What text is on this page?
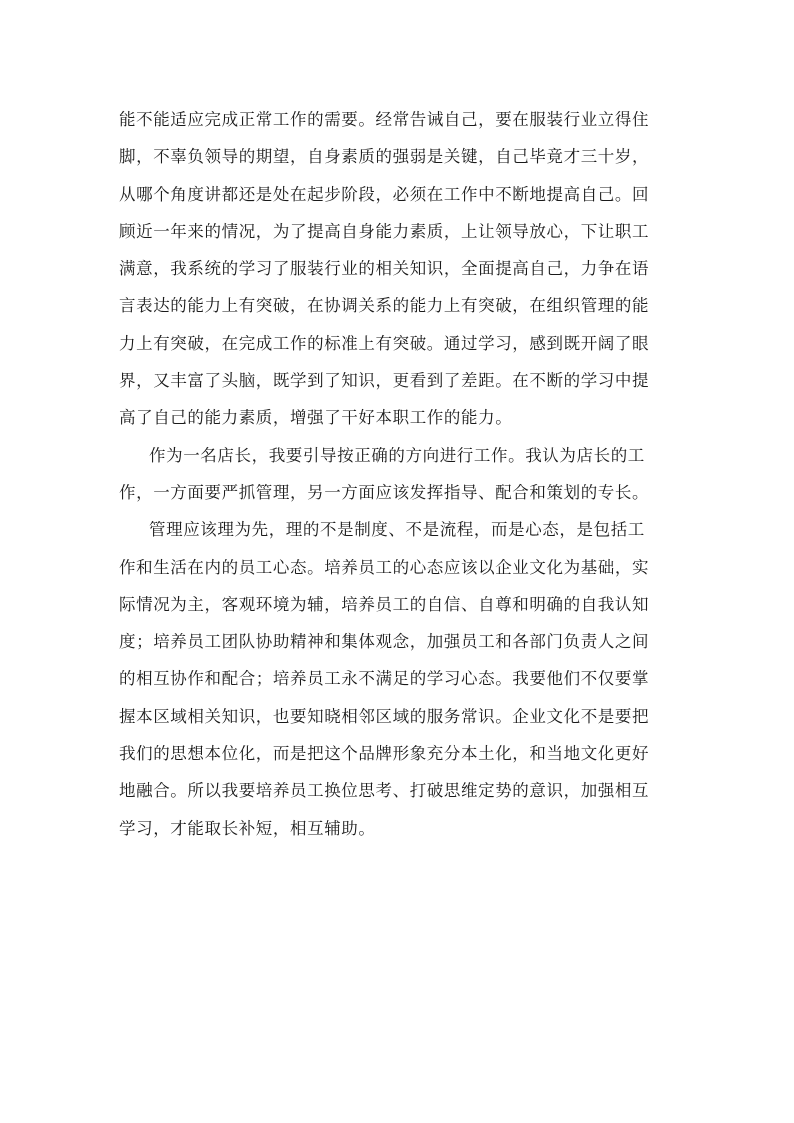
能不能适应完成正常工作的需要。经常告诫自己，要在服装行业立得住
脚，不辜负领导的期望，自身素质的强弱是关键，自己毕竟才三十岁，
从哪个角度讲都还是处在起步阶段，必须在工作中不断地提高自己。回
顾近一年来的情况，为了提高自身能力素质，上让领导放心，下让职工
满意，我系统的学习了服装行业的相关知识，全面提高自己，力争在语
言表达的能力上有突破，在协调关系的能力上有突破，在组织管理的能
力上有突破，在完成工作的标准上有突破。通过学习，感到既开阔了眼
界，又丰富了头脑，既学到了知识，更看到了差距。在不断的学习中提
高了自己的能力素质，增强了干好本职工作的能力。
作为一名店长，我要引导按正确的方向进行工作。我认为店长的工
作，一方面要严抓管理，另一方面应该发挥指导、配合和策划的专长。
管理应该理为先，理的不是制度、不是流程，而是心态，是包括工
作和生活在内的员工心态。培养员工的心态应该以企业文化为基础，实
际情况为主，客观环境为辅，培养员工的自信、自尊和明确的自我认知
度；培养员工团队协助精神和集体观念，加强员工和各部门负责人之间
的相互协作和配合；培养员工永不满足的学习心态。我要他们不仅要掌
握本区域相关知识，也要知晓相邻区域的服务常识。企业文化不是要把
我们的思想本位化，而是把这个品牌形象充分本土化，和当地文化更好
地融合。所以我要培养员工换位思考、打破思维定势的意识，加强相互
学习，才能取长补短，相互辅助。
